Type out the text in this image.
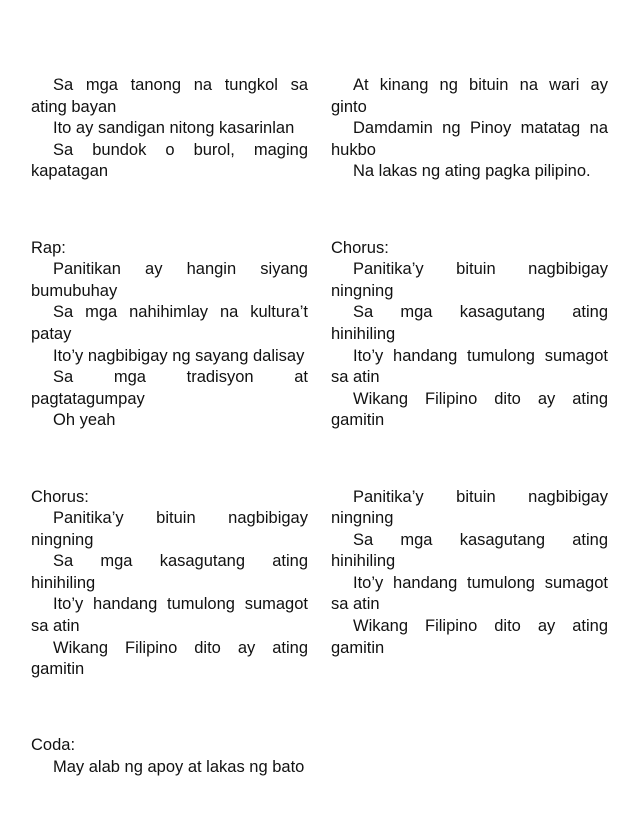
Sa mga tanong na tungkol sa ating bayan

Ito ay sandigan nitong kasarinlan

Sa bundok o burol, maging kapatagan

Rap:

Panitikan ay hangin siyang bumubuhay

Sa mga nahihimlay na kultura’t patay

Ito’y nagbibigay ng sayang dalisay

Sa mga tradisyon at pagtatagumpay

Oh yeah

Chorus:

Panitika’y bituin nagbibigay ningning

Sa mga kasagutang ating hinihiling

Ito’y handang tumulong sumagot sa atin

Wikang Filipino dito ay ating gamitin

Coda:

May alab ng apoy at lakas ng bato

At kinang ng bituin na wari ay ginto

Damdamin ng Pinoy matatag na hukbo

Na lakas ng ating pagka pilipino.

Chorus:

Panitika’y bituin nagbibigay ningning

Sa mga kasagutang ating hinihiling

Ito’y handang tumulong sumagot sa atin

Wikang Filipino dito ay ating gamitin

Panitika’y bituin nagbibigay ningning

Sa mga kasagutang ating hinihiling

Ito’y handang tumulong sumagot sa atin

Wikang Filipino dito ay ating gamitin
